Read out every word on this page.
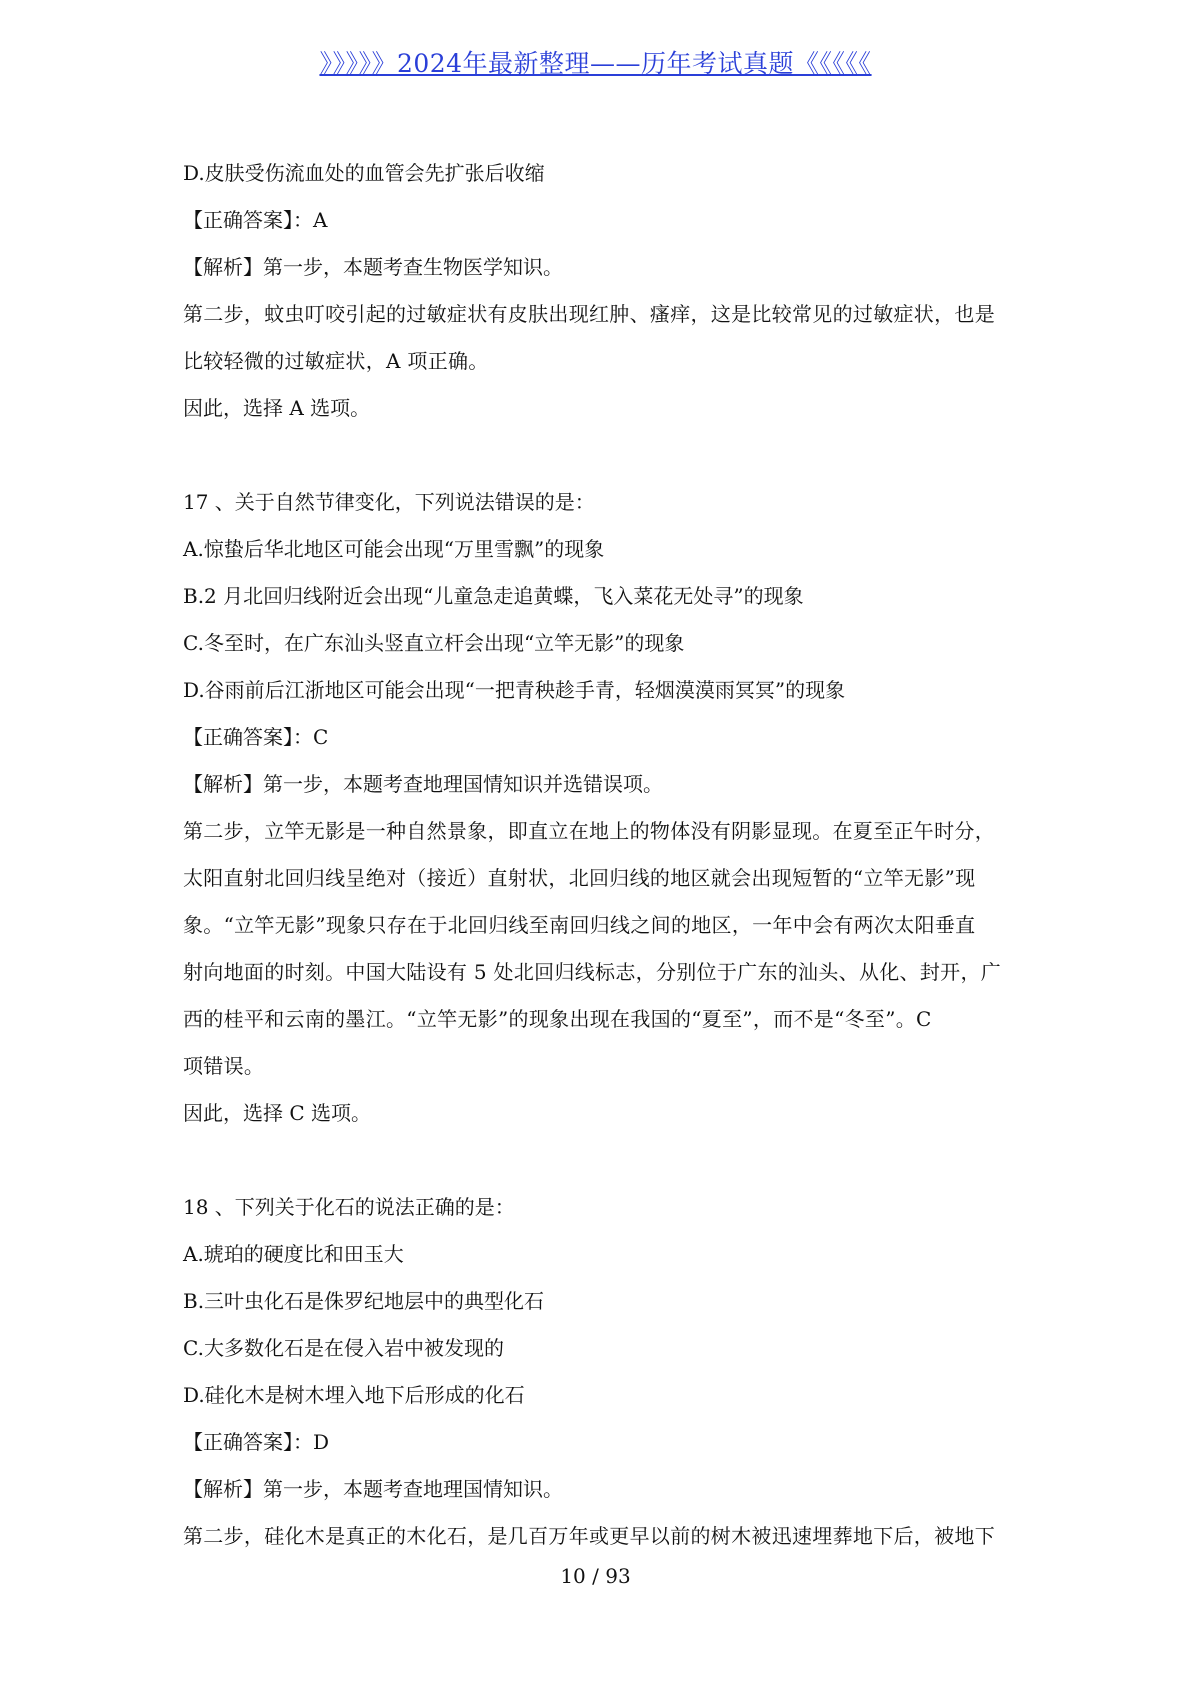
》》》》》2024年最新整理——历年考试真题《《《《《
D.皮肤受伤流血处的血管会先扩张后收缩
【正确答案】：A
【解析】第一步，本题考查生物医学知识。
第二步，蚊虫叮咬引起的过敏症状有皮肤出现红肿、瘙痒，这是比较常见的过敏症状，也是
比较轻微的过敏症状，A 项正确。
因此，选择 A 选项。
17 、关于自然节律变化，下列说法错误的是：
A.惊蛰后华北地区可能会出现“万里雪飘”的现象
B.2 月北回归线附近会出现“儿童急走追黄蝶，飞入菜花无处寻”的现象
C.冬至时，在广东汕头竖直立杆会出现“立竿无影”的现象
D.谷雨前后江浙地区可能会出现“一把青秧趁手青，轻烟漠漠雨冥冥”的现象
【正确答案】：C
【解析】第一步，本题考查地理国情知识并选错误项。
第二步，立竿无影是一种自然景象，即直立在地上的物体没有阴影显现。在夏至正午时分，
太阳直射北回归线呈绝对（接近）直射状，北回归线的地区就会出现短暂的“立竿无影”现
象。“立竿无影”现象只存在于北回归线至南回归线之间的地区，一年中会有两次太阳垂直
射向地面的时刻。中国大陆设有 5 处北回归线标志，分别位于广东的汕头、从化、封开，广
西的桂平和云南的墨江。“立竿无影”的现象出现在我国的“夏至”，而不是“冬至”。C
项错误。
因此，选择 C 选项。
18 、下列关于化石的说法正确的是：
A.琥珀的硬度比和田玉大
B.三叶虫化石是侏罗纪地层中的典型化石
C.大多数化石是在侵入岩中被发现的
D.硅化木是树木埋入地下后形成的化石
【正确答案】：D
【解析】第一步，本题考查地理国情知识。
第二步，硅化木是真正的木化石，是几百万年或更早以前的树木被迅速埋葬地下后，被地下
10 / 93
